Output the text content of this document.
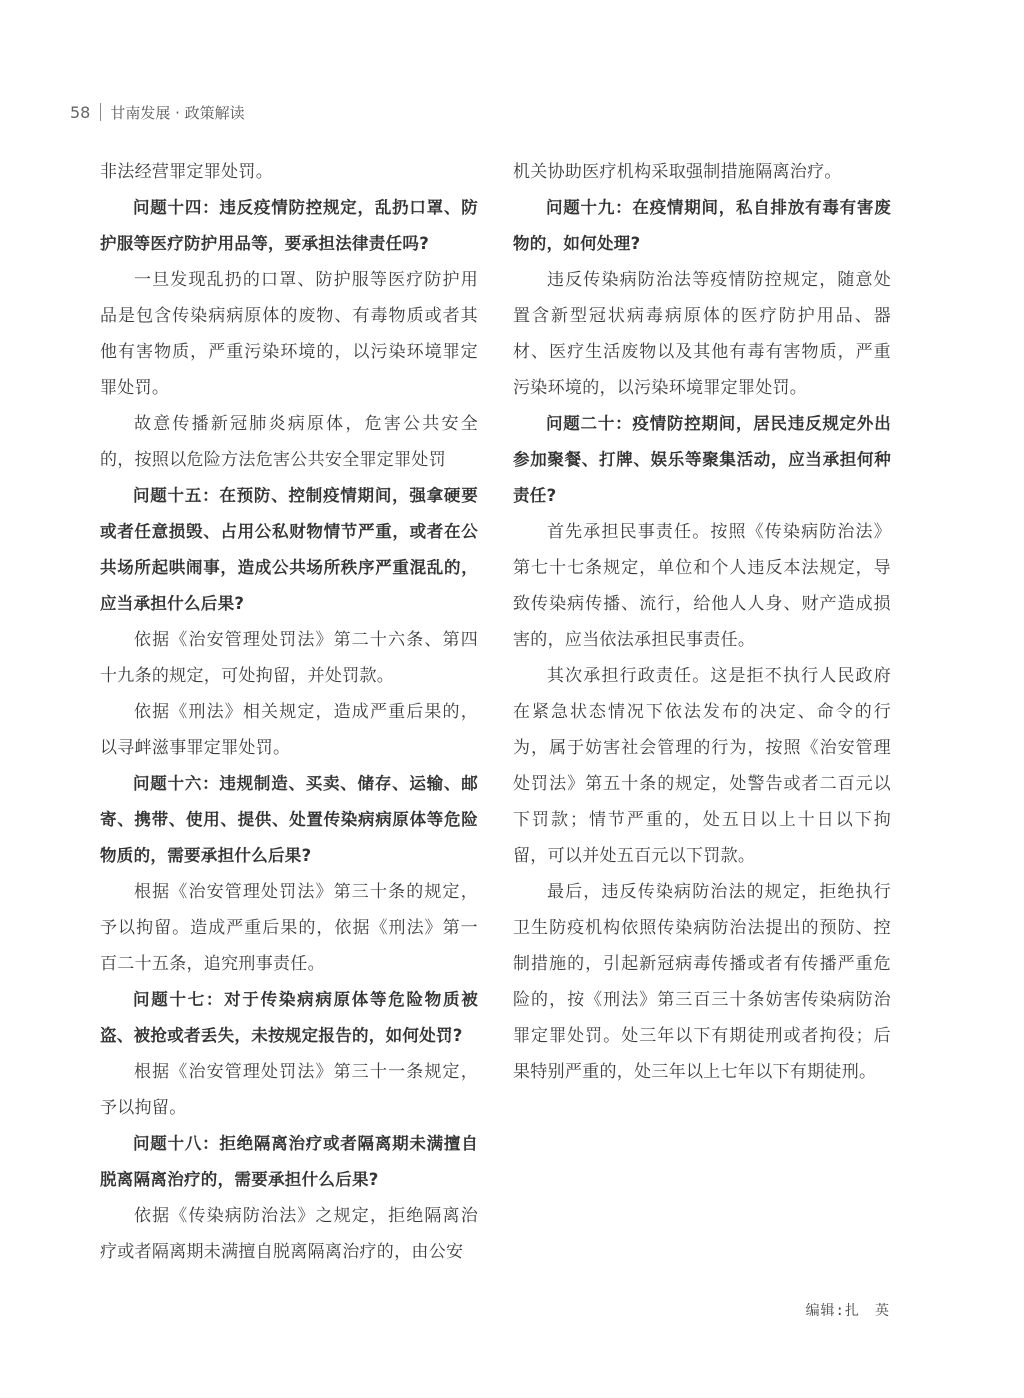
58 甘南发展 · 政策解读

非法经营罪定罪处罚。

问题十四：违反疫情防控规定，乱扔口罩、防护服等医疗防护用品等，要承担法律责任吗?

一旦发现乱扔的口罩、防护服等医疗防护用品是包含传染病病原体的废物、有毒物质或者其他有害物质，严重污染环境的，以污染环境罪定罪处罚。

故意传播新冠肺炎病原体，危害公共安全的，按照以危险方法危害公共安全罪定罪处罚

问题十五：在预防、控制疫情期间，强拿硬要或者任意损毁、占用公私财物情节严重，或者在公共场所起哄闹事，造成公共场所秩序严重混乱的，应当承担什么后果?

依据《治安管理处罚法》第二十六条、第四十九条的规定，可处拘留，并处罚款。

依据《刑法》相关规定，造成严重后果的，以寻衅滋事罪定罪处罚。

问题十六：违规制造、买卖、储存、运输、邮寄、携带、使用、提供、处置传染病病原体等危险物质的，需要承担什么后果?

根据《治安管理处罚法》第三十条的规定，予以拘留。造成严重后果的，依据《刑法》第一百二十五条，追究刑事责任。

问题十七：对于传染病病原体等危险物质被盗、被抢或者丢失，未按规定报告的，如何处罚?

根据《治安管理处罚法》第三十一条规定，予以拘留。

问题十八：拒绝隔离治疗或者隔离期未满擅自脱离隔离治疗的，需要承担什么后果?

依据《传染病防治法》之规定，拒绝隔离治疗或者隔离期未满擅自脱离隔离治疗的，由公安

机关协助医疗机构采取强制措施隔离治疗。

问题十九：在疫情期间，私自排放有毒有害废物的，如何处理?

违反传染病防治法等疫情防控规定，随意处置含新型冠状病毒病原体的医疗防护用品、器材、医疗生活废物以及其他有毒有害物质，严重污染环境的，以污染环境罪定罪处罚。

问题二十：疫情防控期间，居民违反规定外出参加聚餐、打牌、娱乐等聚集活动，应当承担何种责任?

首先承担民事责任。按照《传染病防治法》第七十七条规定，单位和个人违反本法规定，导致传染病传播、流行，给他人人身、财产造成损害的，应当依法承担民事责任。

其次承担行政责任。这是拒不执行人民政府在紧急状态情况下依法发布的决定、命令的行为，属于妨害社会管理的行为，按照《治安管理处罚法》第五十条的规定，处警告或者二百元以下罚款；情节严重的，处五日以上十日以下拘留，可以并处五百元以下罚款。

最后，违反传染病防治法的规定，拒绝执行卫生防疫机构依照传染病防治法提出的预防、控制措施的，引起新冠病毒传播或者有传播严重危险的，按《刑法》第三百三十条妨害传染病防治罪定罪处罚。处三年以下有期徒刑或者拘役；后果特别严重的，处三年以上七年以下有期徒刑。

编辑:扎　英
